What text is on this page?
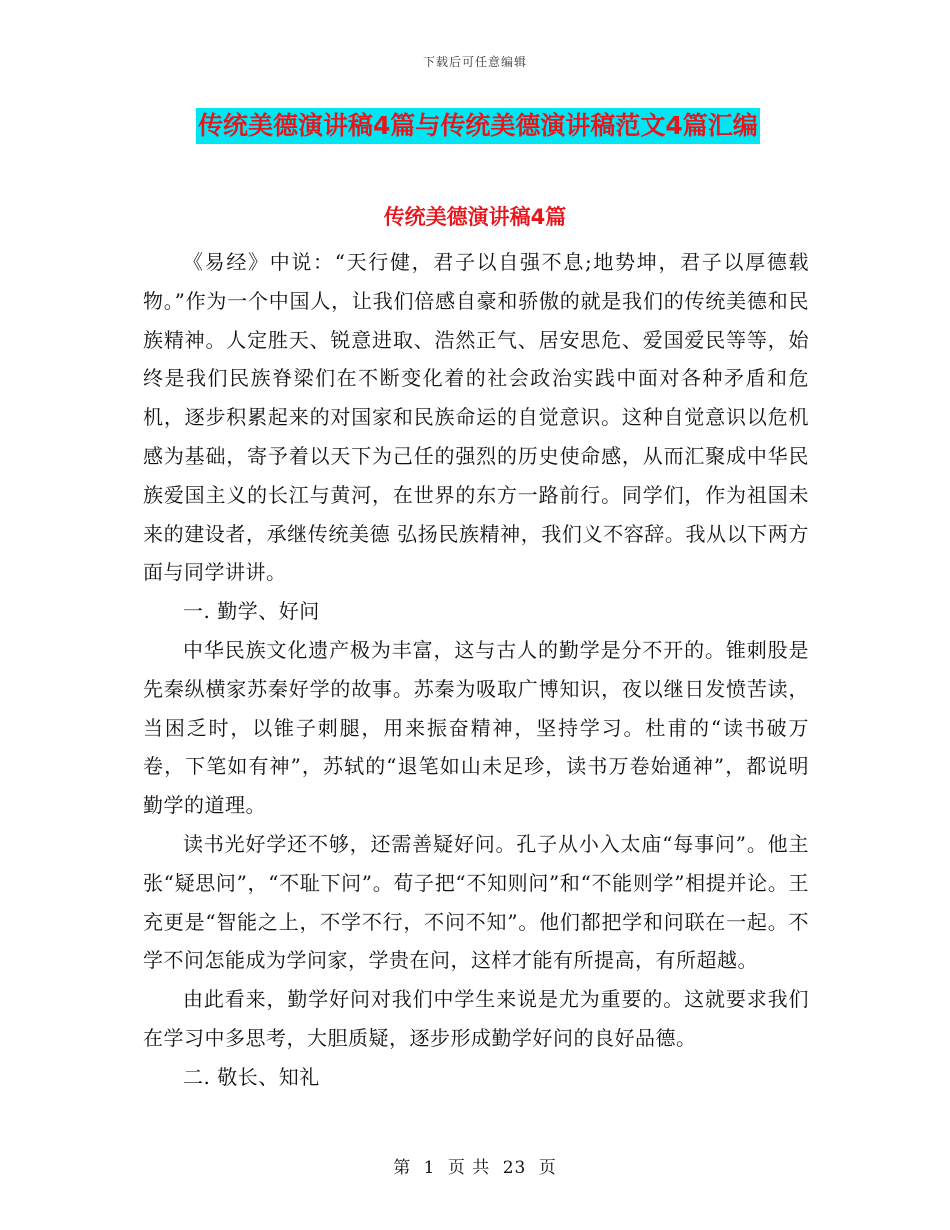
下载后可任意编辑
传统美德演讲稿4篇与传统美德演讲稿范文4篇汇编
传统美德演讲稿4篇

《易经》中说：“天行健，君子以自强不息;地势坤，君子以厚德载物。”作为一个中国人，让我们倍感自豪和骄傲的就是我们的传统美德和民族精神。人定胜天、锐意进取、浩然正气、居安思危、爱国爱民等等，始终是我们民族脊梁们在不断变化着的社会政治实践中面对各种矛盾和危机，逐步积累起来的对国家和民族命运的自觉意识。这种自觉意识以危机感为基础，寄予着以天下为己任的强烈的历史使命感，从而汇聚成中华民族爱国主义的长江与黄河，在世界的东方一路前行。同学们，作为祖国未来的建设者，承继传统美德 弘扬民族精神，我们义不容辞。我从以下两方面与同学讲讲。

一. 勤学、好问

中华民族文化遗产极为丰富，这与古人的勤学是分不开的。锥刺股是先秦纵横家苏秦好学的故事。苏秦为吸取广博知识，夜以继日发愤苦读，当困乏时，以锥子刺腿，用来振奋精神，坚持学习。杜甫的“读书破万卷，下笔如有神”，苏轼的“退笔如山未足珍，读书万卷始通神”，都说明勤学的道理。

读书光好学还不够，还需善疑好问。孔子从小入太庙“每事问”。他主张“疑思问”，“不耻下问”。荀子把“不知则问”和“不能则学”相提并论。王充更是“智能之上，不学不行，不问不知”。他们都把学和问联在一起。不学不问怎能成为学问家，学贵在问，这样才能有所提高，有所超越。

由此看来，勤学好问对我们中学生来说是尤为重要的。这就要求我们在学习中多思考，大胆质疑，逐步形成勤学好问的良好品德。

二. 敬长、知礼

第 1 页 共 23 页
